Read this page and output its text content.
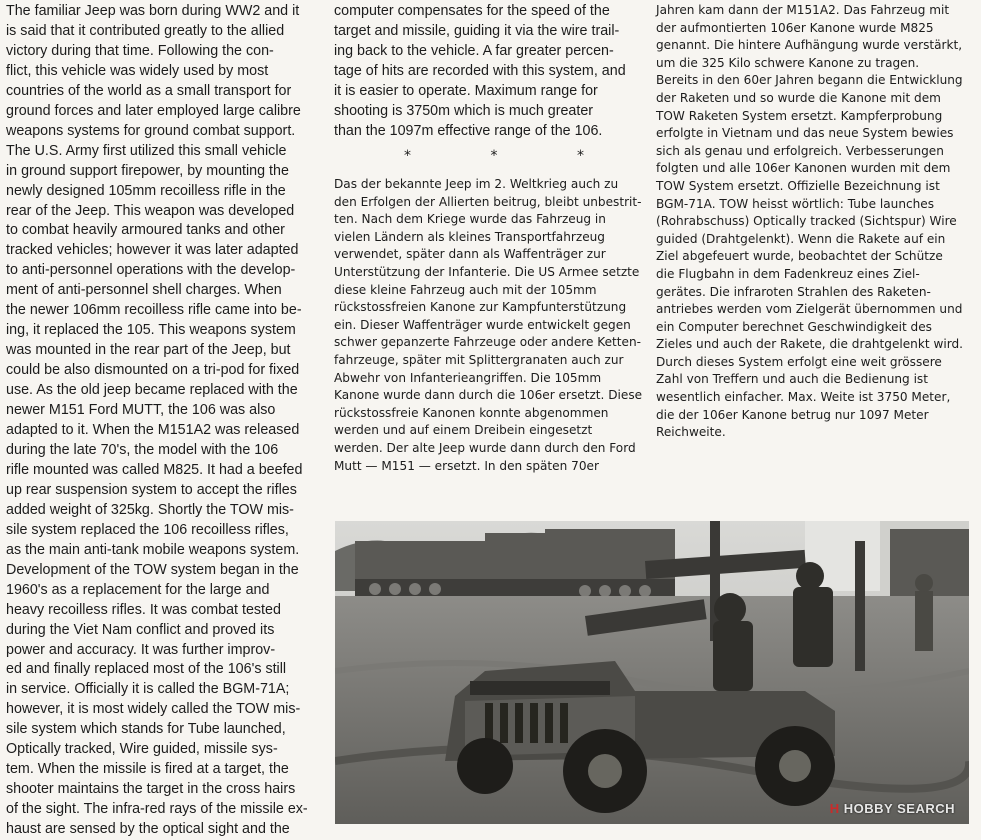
The familiar Jeep was born during WW2 and it
is said that it contributed greatly to the allied
victory during that time. Following the con-
flict, this vehicle was widely used by most
countries of the world as a small transport for
ground forces and later employed large calibre
weapons systems for ground combat support.
The U.S. Army first utilized this small vehicle
in ground support firepower, by mounting the
newly designed 105mm recoilless rifle in the
rear of the Jeep. This weapon was developed
to combat heavily armoured tanks and other
tracked vehicles; however it was later adapted
to anti-personnel operations with the develop-
ment of anti-personnel shell charges. When
the newer 106mm recoilless rifle came into be-
ing, it replaced the 105. This weapons system
was mounted in the rear part of the Jeep, but
could be also dismounted on a tri-pod for fixed
use. As the old jeep became replaced with the
newer M151 Ford MUTT, the 106 was also
adapted to it. When the M151A2 was released
during the late 70's, the model with the 106
rifle mounted was called M825. It had a beefed
up rear suspension system to accept the rifles
added weight of 325kg. Shortly the TOW mis-
sile system replaced the 106 recoilless rifles,
as the main anti-tank mobile weapons system.
Development of the TOW system began in the
1960's as a replacement for the large and
heavy recoilless rifles. It was combat tested
during the Viet Nam conflict and proved its
power and accuracy. It was further improv-
ed and finally replaced most of the 106's still
in service. Officially it is called the BGM-71A;
however, it is most widely called the TOW mis-
sile system which stands for Tube launched,
Optically tracked, Wire guided, missile sys-
tem. When the missile is fired at a target, the
shooter maintains the target in the cross hairs
of the sight. The infra-red rays of the missile ex-
haust are sensed by the optical sight and the
computer compensates for the speed of the
target and missile, guiding it via the wire trail-
ing back to the vehicle. A far greater percen-
tage of hits are recorded with this system, and
it is easier to operate. Maximum range for
shooting is 3750m which is much greater
than the 1097m effective range of the 106.
*	*	*
Das der bekannte Jeep im 2. Weltkrieg auch zu
den Erfolgen der Allierten beitrug, bleibt unbestrit-
ten. Nach dem Kriege wurde das Fahrzeug in
vielen Ländern als kleines Transportfahrzeug
verwendet, später dann als Waffenträger zur
Unterstützung der Infanterie. Die US Armee setzte
diese kleine Fahrzeug auch mit der 105mm
rückstossfreien Kanone zur Kampfunterstützung
ein. Dieser Waffenträger wurde entwickelt gegen
schwer gepanzerte Fahrzeuge oder andere Ketten-
fahrzeuge, später mit Splittergranaten auch zur
Abwehr von Infanterieangriffen. Die 105mm
Kanone wurde dann durch die 106er ersetzt. Diese
rückstossfreie Kanonen konnte abgenommen
werden und auf einem Dreibein eingesetzt
werden. Der alte Jeep wurde dann durch den Ford
Mutt — M151 — ersetzt. In den späten 70er
Jahren kam dann der M151A2. Das Fahrzeug mit
der aufmontierten 106er Kanone wurde M825
genannt. Die hintere Aufhängung wurde verstärkt,
um die 325 Kilo schwere Kanone zu tragen.
Bereits in den 60er Jahren begann die Entwicklung
der Raketen und so wurde die Kanone mit dem
TOW Raketen System ersetzt. Kampferprobung
erfolgte in Vietnam und das neue System bewies
sich als genau und erfolgreich. Verbesserungen
folgten und alle 106er Kanonen wurden mit dem
TOW System ersetzt. Offizielle Bezeichnung ist
BGM-71A. TOW heisst wörtlich: Tube launches
(Rohrabschuss) Optically tracked (Sichtspur) Wire
guided (Drahtgelenkt). Wenn die Rakete auf ein
Ziel abgefeuert wurde, beobachtet der Schütze
die Flugbahn in dem Fadenkreuz eines Ziel-
gerätes. Die infraroten Strahlen des Raketen-
antriebes werden vom Zielgerät übernommen und
ein Computer berechnet Geschwindigkeit des
Zieles und auch der Rakete, die drahtgelenkt wird.
Durch dieses System erfolgt eine weit grössere
Zahl von Treffern und auch die Bedienung ist
wesentlich einfacher. Max. Weite ist 3750 Meter,
die der 106er Kanone betrug nur 1097 Meter
Reichweite.
H HOBBY SEARCH
